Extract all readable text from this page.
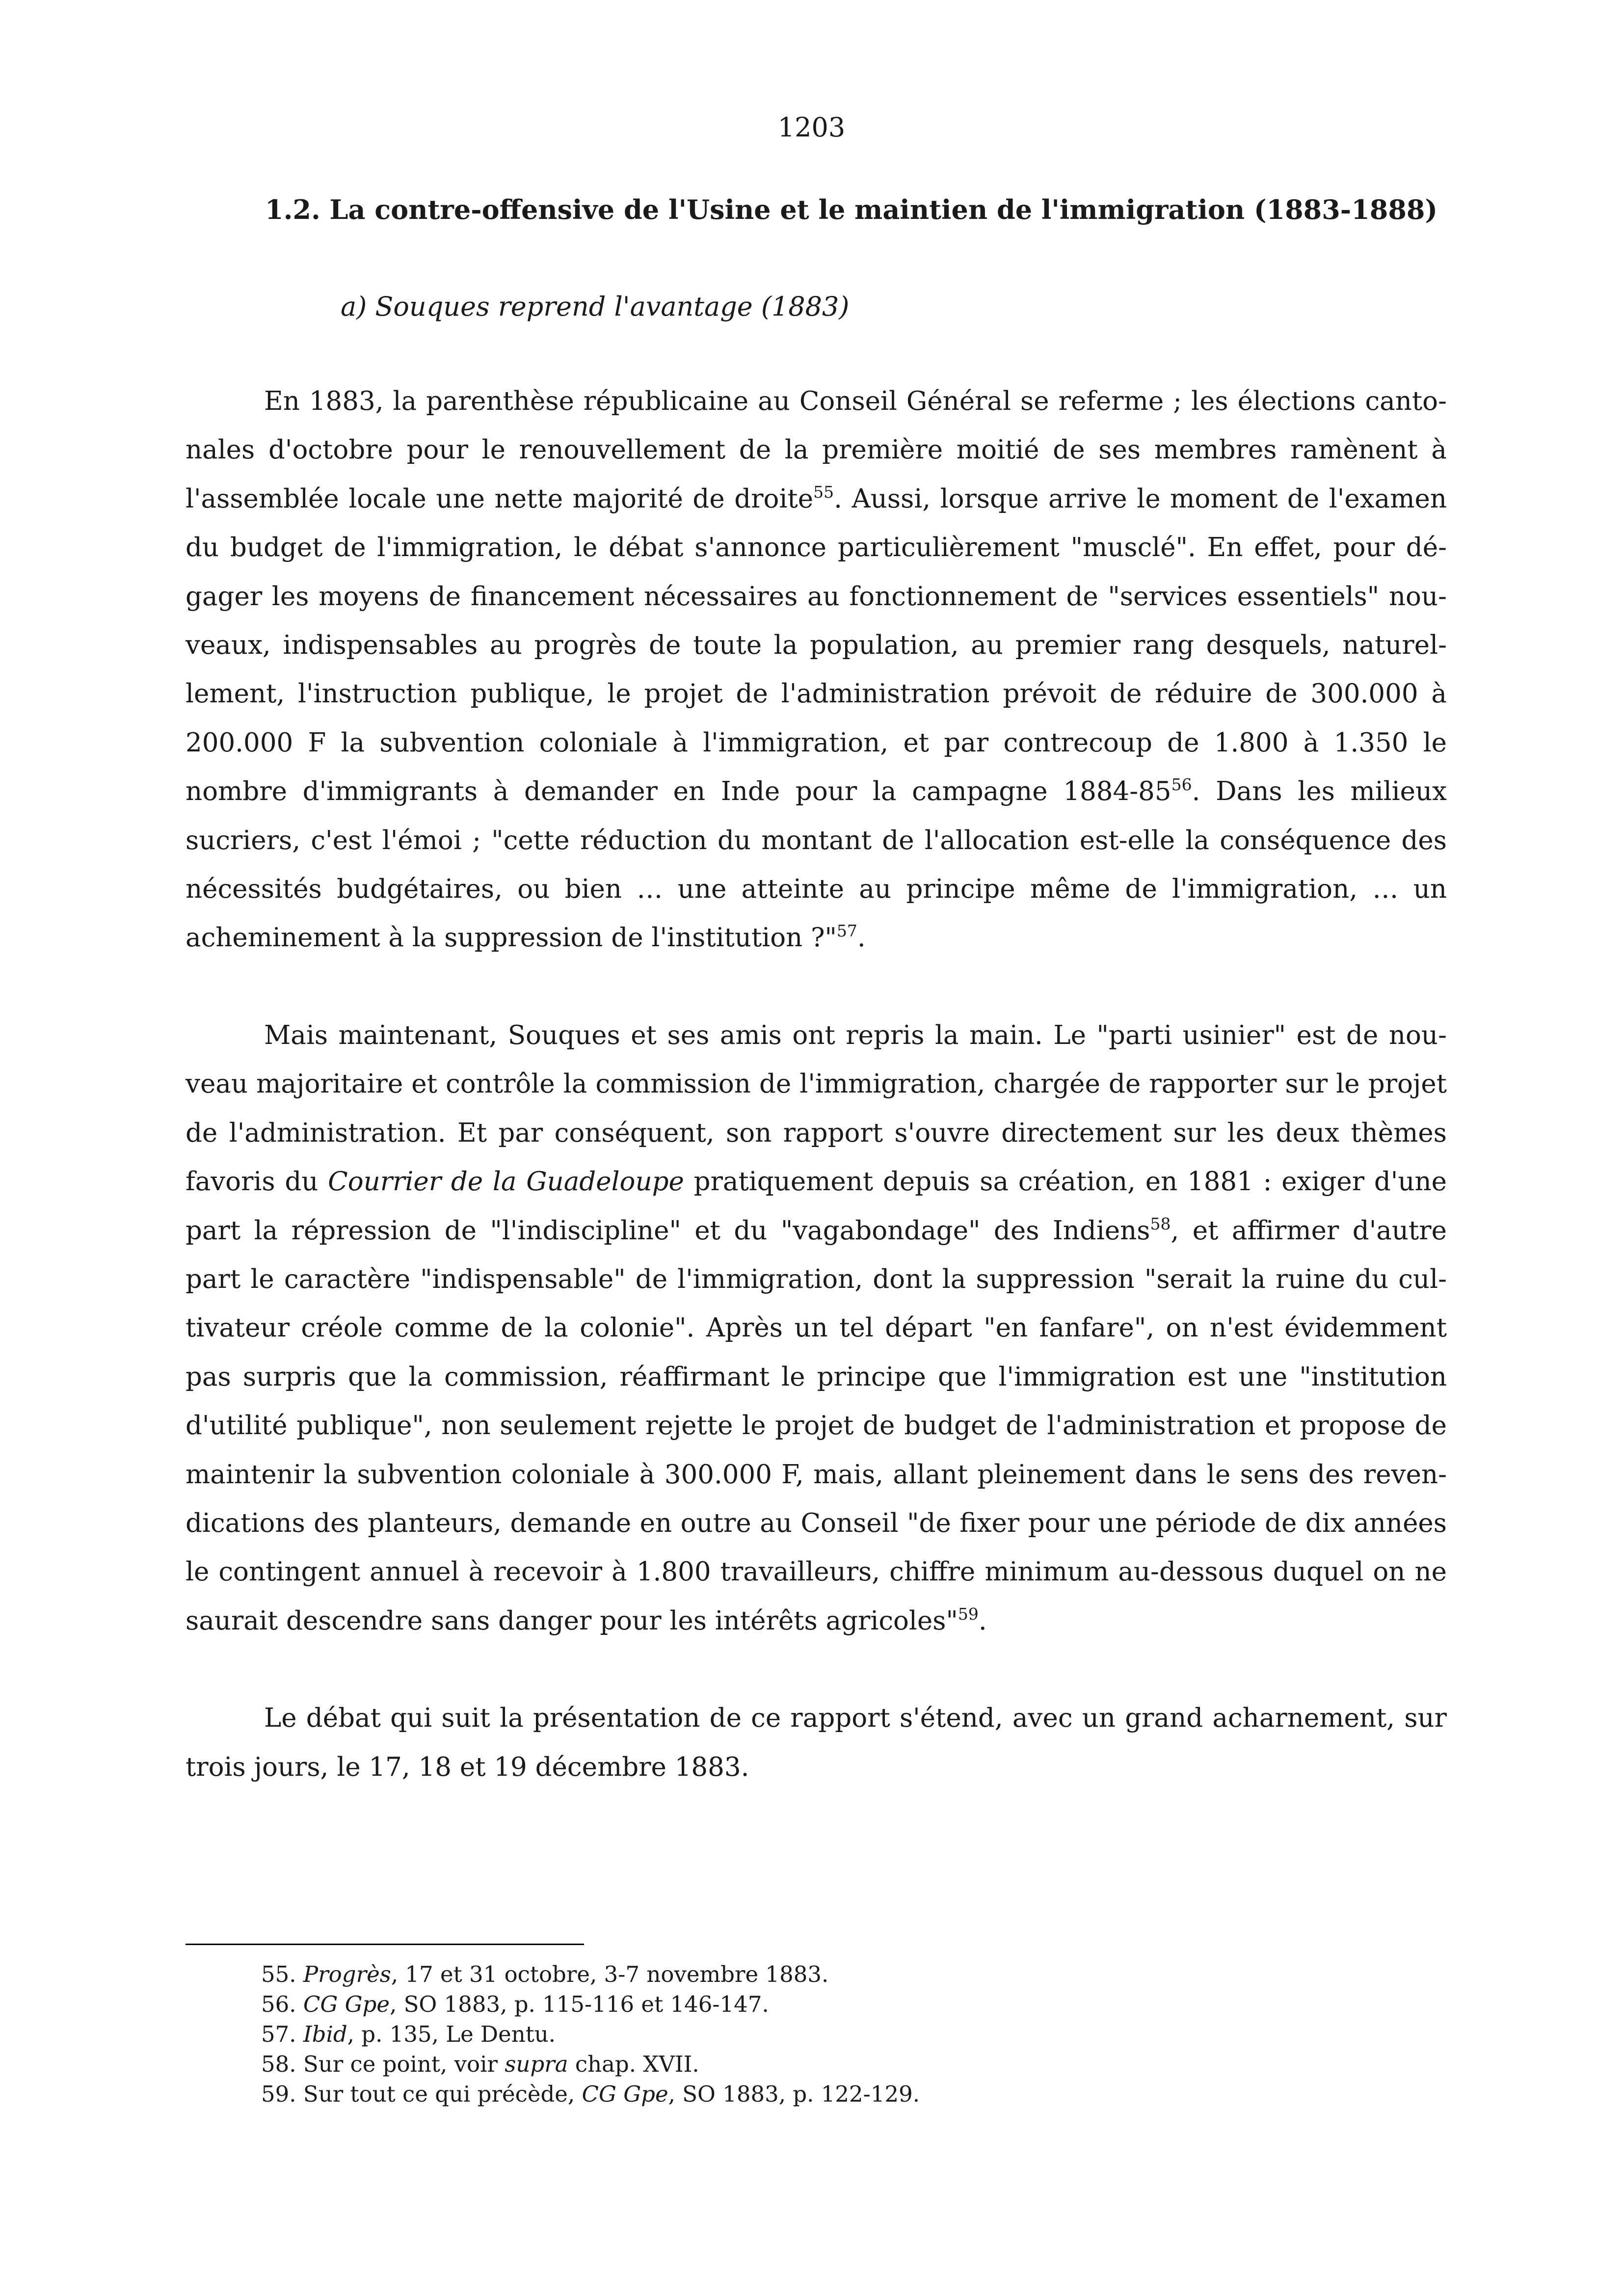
1203
1.2. La contre-offensive de l'Usine et le maintien de l'immigration (1883-1888)
a) Souques reprend l'avantage (1883)

En 1883, la parenthèse républicaine au Conseil Général se referme ; les élections cantonales d'octobre pour le renouvellement de la première moitié de ses membres ramènent à l'assemblée locale une nette majorité de droite$^{55}$. Aussi, lorsque arrive le moment de l'examen du budget de l'immigration, le débat s'annonce particulièrement "musclé". En effet, pour dégager les moyens de financement nécessaires au fonctionnement de "services essentiels" nouveaux, indispensables au progrès de toute la population, au premier rang desquels, naturellement, l'instruction publique, le projet de l'administration prévoit de réduire de 300.000 à 200.000 F la subvention coloniale à l'immigration, et par contrecoup de 1.800 à 1.350 le nombre d'immigrants à demander en Inde pour la campagne 1884-85$^{56}$. Dans les milieux sucriers, c'est l'émoi ; "cette réduction du montant de l'allocation est-elle la conséquence des nécessités budgétaires, ou bien … une atteinte au principe même de l'immigration, … un acheminement à la suppression de l'institution ?"$^{57}$.

Mais maintenant, Souques et ses amis ont repris la main. Le "parti usinier" est de nouveau majoritaire et contrôle la commission de l'immigration, chargée de rapporter sur le projet de l'administration. Et par conséquent, son rapport s'ouvre directement sur les deux thèmes favoris du Courrier de la Guadeloupe pratiquement depuis sa création, en 1881 : exiger d'une part la répression de "l'indiscipline" et du "vagabondage" des Indiens$^{58}$, et affirmer d'autre part le caractère "indispensable" de l'immigration, dont la suppression "serait la ruine du cultivateur créole comme de la colonie". Après un tel départ "en fanfare", on n'est évidemment pas surpris que la commission, réaffirmant le principe que l'immigration est une "institution d'utilité publique", non seulement rejette le projet de budget de l'administration et propose de maintenir la subvention coloniale à 300.000 F, mais, allant pleinement dans le sens des revendications des planteurs, demande en outre au Conseil "de fixer pour une période de dix années le contingent annuel à recevoir à 1.800 travailleurs, chiffre minimum au-dessous duquel on ne saurait descendre sans danger pour les intérêts agricoles"$^{59}$.

Le débat qui suit la présentation de ce rapport s'étend, avec un grand acharnement, sur trois jours, le 17, 18 et 19 décembre 1883.

55. Progrès, 17 et 31 octobre, 3-7 novembre 1883.
56. CG Gpe, SO 1883, p. 115-116 et 146-147.
57. Ibid, p. 135, Le Dentu.
58. Sur ce point, voir supra chap. XVII.
59. Sur tout ce qui précède, CG Gpe, SO 1883, p. 122-129.
